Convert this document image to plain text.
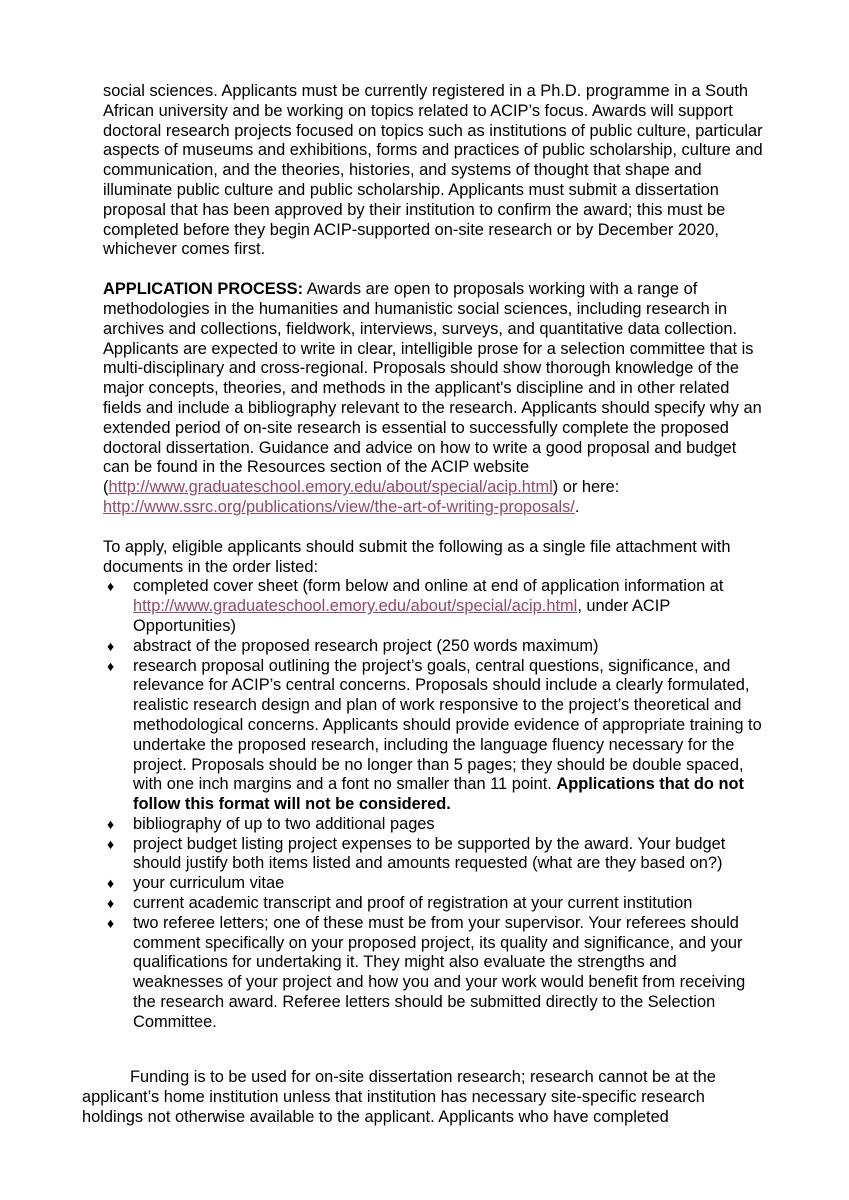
social sciences. Applicants must be currently registered in a Ph.D. programme in a South African university and be working on topics related to ACIP’s focus. Awards will support doctoral research projects focused on topics such as institutions of public culture, particular aspects of museums and exhibitions, forms and practices of public scholarship, culture and communication, and the theories, histories, and systems of thought that shape and illuminate public culture and public scholarship. Applicants must submit a dissertation proposal that has been approved by their institution to confirm the award; this must be completed before they begin ACIP-supported on-site research or by December 2020, whichever comes first.

APPLICATION PROCESS: Awards are open to proposals working with a range of methodologies in the humanities and humanistic social sciences, including research in archives and collections, fieldwork, interviews, surveys, and quantitative data collection. Applicants are expected to write in clear, intelligible prose for a selection committee that is multi-disciplinary and cross-regional. Proposals should show thorough knowledge of the major concepts, theories, and methods in the applicant's discipline and in other related fields and include a bibliography relevant to the research. Applicants should specify why an extended period of on-site research is essential to successfully complete the proposed doctoral dissertation. Guidance and advice on how to write a good proposal and budget can be found in the Resources section of the ACIP website
(http://www.graduateschool.emory.edu/about/special/acip.html) or here: http://www.ssrc.org/publications/view/the-art-of-writing-proposals/.

To apply, eligible applicants should submit the following as a single file attachment with documents in the order listed:

♦ completed cover sheet (form below and online at end of application information at http://www.graduateschool.emory.edu/about/special/acip.html, under ACIP Opportunities)
♦ abstract of the proposed research project (250 words maximum)
♦ research proposal outlining the project’s goals, central questions, significance, and relevance for ACIP’s central concerns. Proposals should include a clearly formulated, realistic research design and plan of work responsive to the project’s theoretical and methodological concerns. Applicants should provide evidence of appropriate training to undertake the proposed research, including the language fluency necessary for the project. Proposals should be no longer than 5 pages; they should be double spaced, with one inch margins and a font no smaller than 11 point. Applications that do not follow this format will not be considered.
♦ bibliography of up to two additional pages
♦ project budget listing project expenses to be supported by the award. Your budget should justify both items listed and amounts requested (what are they based on?)
♦ your curriculum vitae
♦ current academic transcript and proof of registration at your current institution
♦ two referee letters; one of these must be from your supervisor. Your referees should comment specifically on your proposed project, its quality and significance, and your qualifications for undertaking it. They might also evaluate the strengths and weaknesses of your project and how you and your work would benefit from receiving the research award. Referee letters should be submitted directly to the Selection Committee.

Funding is to be used for on-site dissertation research; research cannot be at the applicant’s home institution unless that institution has necessary site-specific research holdings not otherwise available to the applicant. Applicants who have completed
